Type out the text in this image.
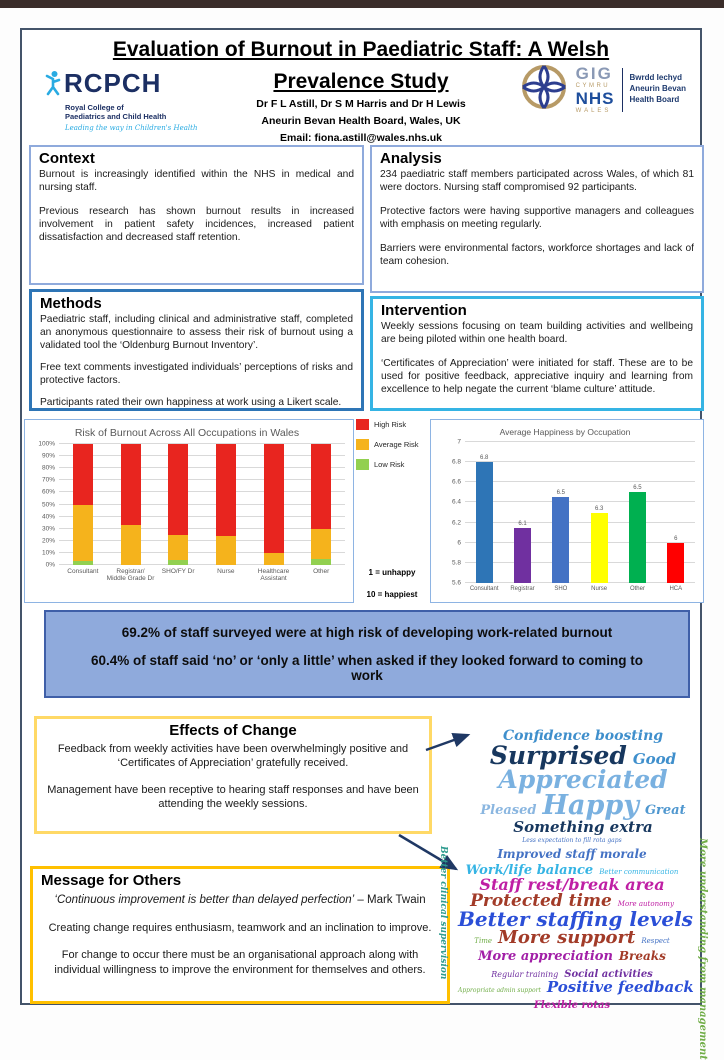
Evaluation of Burnout in Paediatric Staff: A Welsh
Prevalence Study
RCPCH
Royal College of
Paediatrics and Child Health
Leading the way in Children's Health
Dr F L Astill, Dr S M Harris and Dr H Lewis
Aneurin Bevan Health Board, Wales, UK
Email: fiona.astill@wales.nhs.uk
GIG
CYMRU
NHS
WALES
Bwrdd Iechyd
Aneurin Bevan
Health Board
Context

Burnout is increasingly identified within the NHS in medical and nursing staff.

Previous research has shown burnout results in increased involvement in patient safety incidences, increased patient dissatisfaction and decreased staff retention.

Methods

Paediatric staff, including clinical and administrative staff, completed an anonymous questionnaire to assess their risk of burnout using a validated tool the ‘Oldenburg Burnout Inventory’.

Free text comments investigated individuals’ perceptions of risks and protective factors.

Participants rated their own happiness at work using a Likert scale.

Analysis

234 paediatric staff members participated across Wales, of which 81 were doctors. Nursing staff compromised 92 participants.

Protective factors were having supportive managers and colleagues with emphasis on meeting regularly.

Barriers were environmental factors, workforce shortages and lack of team cohesion.

Intervention

Weekly sessions focusing on team building activities and wellbeing are being piloted within one health board.

‘Certificates of Appreciation’ were initiated for staff. These are to be used for positive feedback, appreciative inquiry and learning from excellence to help negate the current ‘blame culture’ attitude.

Risk of Burnout Across All Occupations in Wales
0%
10%
20%
30%
40%
50%
60%
70%
80%
90%
100%
Consultant	Registrar/ Middle Grade Dr
SHO/FY Dr	Nurse	Healthcare Assistant
Other
High Risk
Average Risk
Low Risk
1 = unhappy
10 = happiest
Average Happiness by Occupation
5.6
5.8
6
6.2
6.4
6.6
6.8
7
6.8
6.1
6.5
6.3
6.5
6
Consultant	Registrar	SHO	Nurse	Other	HCA
69.2% of staff surveyed were at high risk of developing work-related burnout
60.4% of staff said ‘no’ or ‘only a little’ when asked if they looked forward to coming to work
Effects of Change

Feedback from weekly activities have been overwhelmingly positive and ‘Certificates of Appreciation’ gratefully received.

Management have been receptive to hearing staff responses and have been attending the weekly sessions.

Confidence boosting
Surprised Good
Appreciated
Pleased Happy Great
Something extra
Message for Others

‘Continuous improvement is better than delayed perfection’ – Mark Twain

Creating change requires enthusiasm, teamwork and an inclination to improve.

For change to occur there must be an organisational approach along with individual willingness to improve the environment for themselves and others.	Better clinical supervision
Less expectation to fill rota gaps
Improved staff morale
Work/life balance Better communication
Staff rest/break area
Protected time More autonomy
Better staffing levels
Time More support Respect
More appreciation Breaks
Regular training Social activities
Appropriate admin support Positive feedback
Flexible rotas	More understanding from management
